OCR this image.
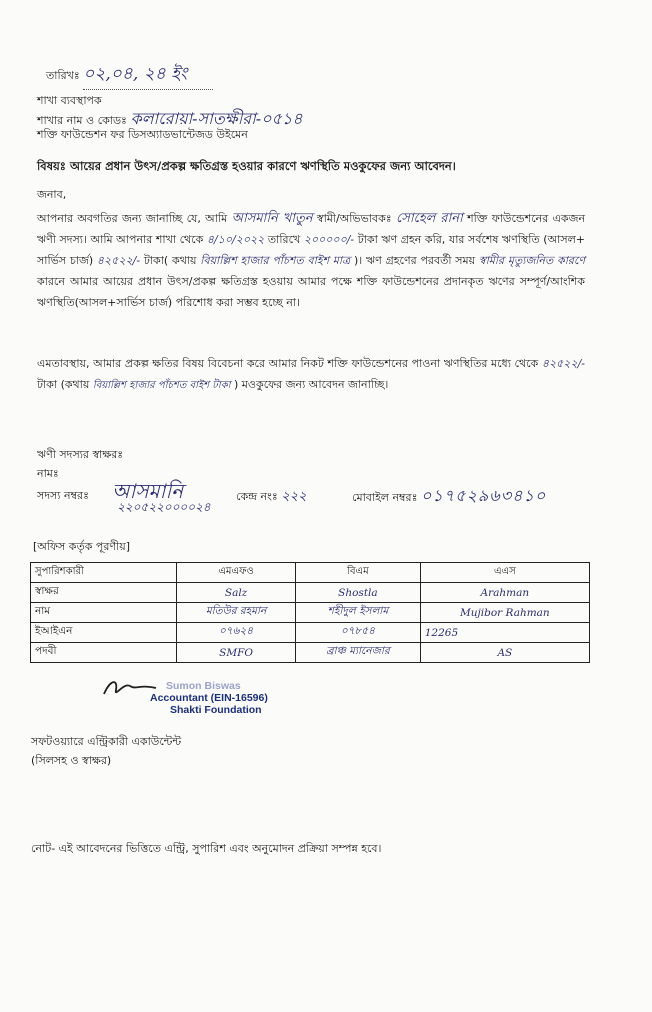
তারিখঃ ০২,০৪, ২৪ ইং
শাখা ব্যবস্থাপক
শাখার নাম ও কোডঃ কলারোয়া-সাতক্ষীরা-০৫১৪
শক্তি ফাউন্ডেশন ফর ডিসঅ্যাডভান্টেজড উইমেন
বিষয়ঃ আয়ের প্রধান উৎস/প্রকল্প ক্ষতিগ্রস্ত হওয়ার কারণে ঋণস্থিতি মওকুফের জন্য আবেদন।
জনাব,
আপনার অবগতির জন্য জানাচ্ছি যে, আমি আসমানি খাতুন স্বামী/অভিভাবকঃ সোহেল রানা শক্তি ফাউন্ডেশনের একজন ঋণী সদস্য। আমি আপনার শাখা থেকে ৪/১০/২০২২ তারিখে ২০০০০০/- টাকা ঋণ গ্রহন করি, যার সর্বশেষ ঋণস্থিতি (আসল+ সার্ভিস চার্জ) ৪২৫২২/- টাকা( কথায় বিয়াল্লিশ হাজার পাঁচশত বাইশ মাত্র )। ঋণ গ্রহণের পরবর্তী সময় স্বামীর মৃত্যুজনিত কারণে কারনে আমার আয়ের প্রধান উৎস/প্রকল্প ক্ষতিগ্রস্ত হওয়ায় আমার পক্ষে শক্তি ফাউন্ডেশনের প্রদানকৃত ঋণের সম্পূর্ণ/আংশিক ঋণস্থিতি(আসল+সার্ভিস চার্জ) পরিশোধ করা সম্ভব হচ্ছে না।
এমতাবস্থায়, আমার প্রকল্প ক্ষতির বিষয় বিবেচনা করে আমার নিকট শক্তি ফাউন্ডেশনের পাওনা ঋণস্থিতির মধ্যে থেকে ৪২৫২২/- টাকা (কথায় বিয়াল্লিশ হাজার পাঁচশত বাইশ টাকা ) মওকুফের জন্য আবেদন জানাচ্ছি।
ঋণী সদস্যর স্বাক্ষরঃ
নামঃ
সদস্য নম্বরঃ আসমানি
২২০৫২২০০০০২৪
কেন্দ্র নংঃ ২২২	মোবাইল নম্বরঃ ০১৭৫২৯৬৩৪১০
[অফিস কর্তৃক পূরণীয়]
সুপারিশকারী	এমএফও	বিএম	এএস
স্বাক্ষর	Salz	Shostla	Arahman
নাম	মতিউর রহমান	শহীদুল ইসলাম	Mujibor Rahman
ইআইএন	০৭৬২৪	০৭৮৫৪	12265
পদবী	SMFO	ব্রাঞ্চ ম্যানেজার	AS
Sumon Biswas
Accountant (EIN-16596)
Shakti Foundation
সফটওয়্যারে এন্ট্রিকারী একাউন্টেন্ট
(সিলসহ ও স্বাক্ষর)
নোট- এই আবেদনের ভিত্তিতে এন্ট্রি, সুপারিশ এবং অনুমোদন প্রক্রিয়া সম্পন্ন হবে।
